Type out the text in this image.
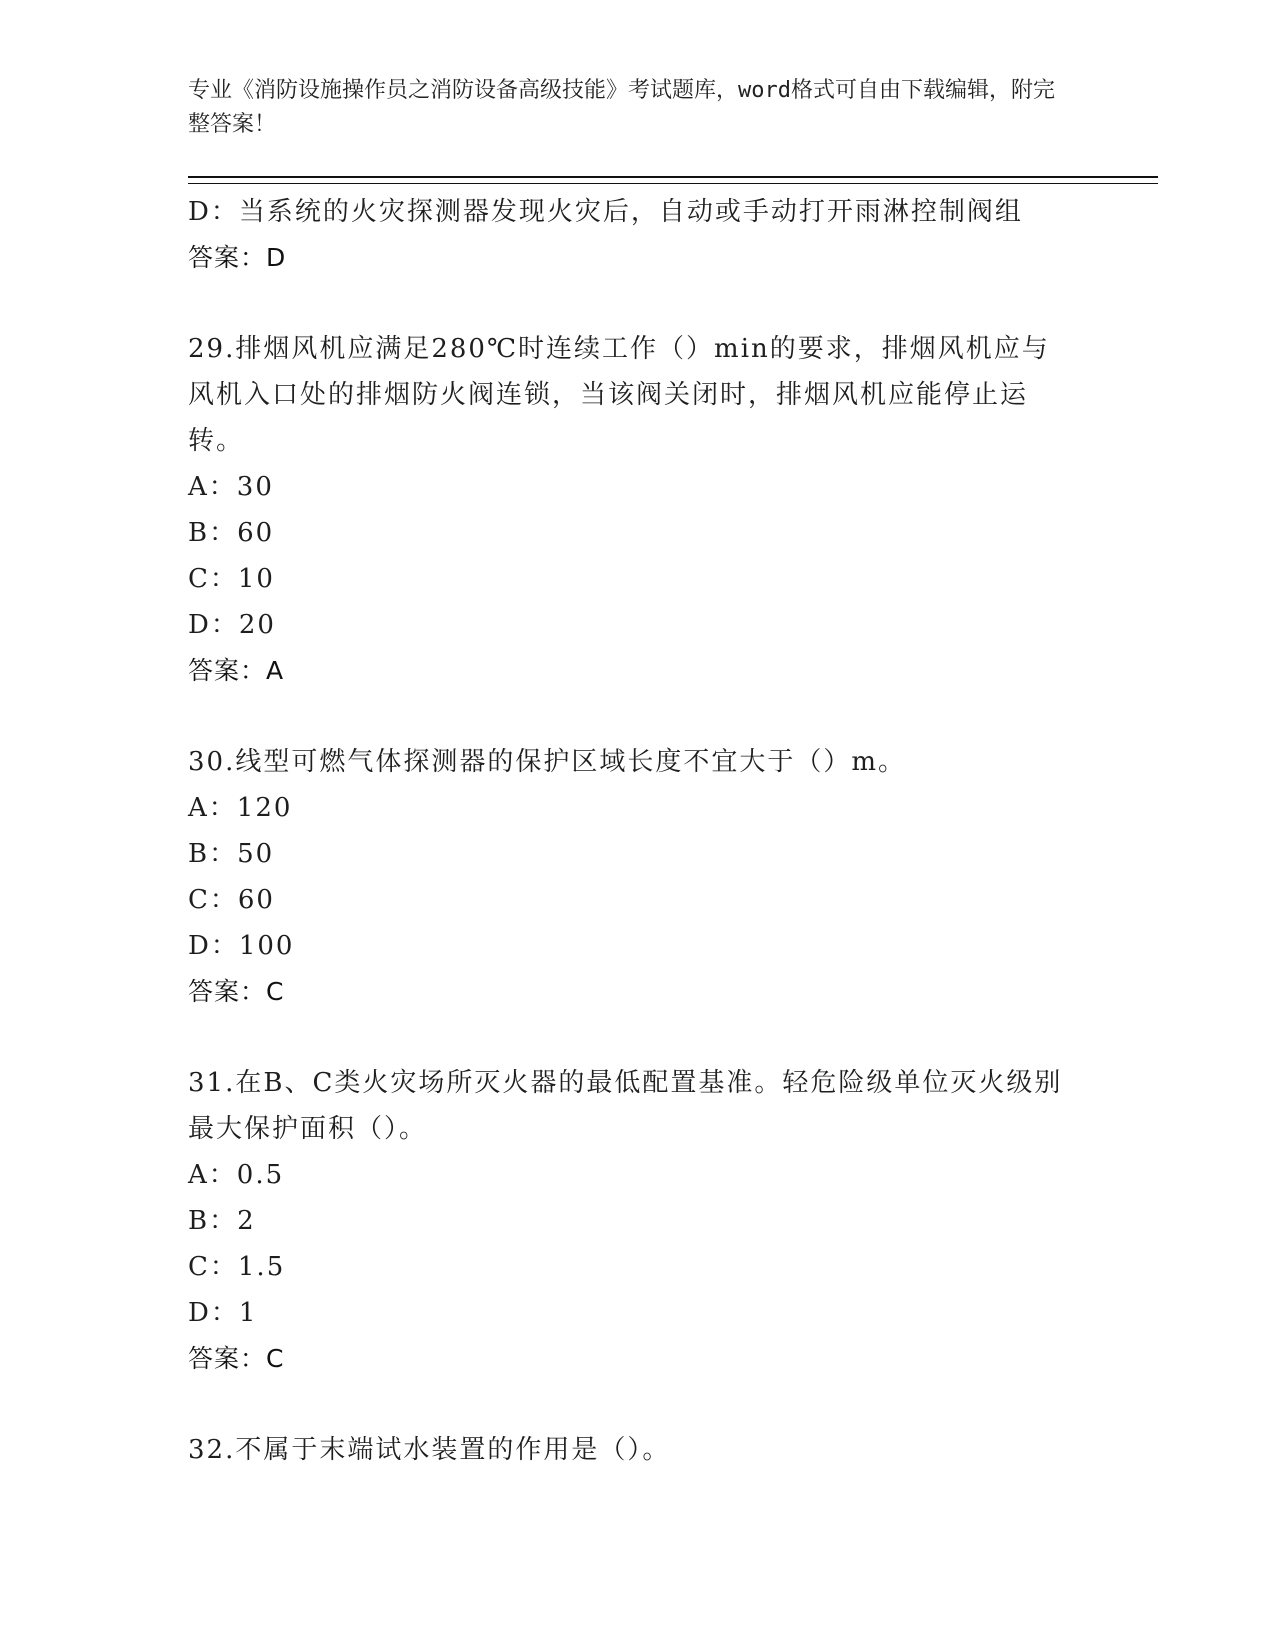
专业《消防设施操作员之消防设备高级技能》考试题库，word格式可自由下载编辑，附完整答案！
D：当系统的火灾探测器发现火灾后，自动或手动打开雨淋控制阀组
答案：D
29.排烟风机应满足280℃时连续工作（）min的要求，排烟风机应与风机入口处的排烟防火阀连锁，当该阀关闭时，排烟风机应能停止运转。
A：30
B：60
C：10
D：20
答案：A
30.线型可燃气体探测器的保护区域长度不宜大于（）m。
A：120
B：50
C：60
D：100
答案：C
31.在B、C类火灾场所灭火器的最低配置基准。轻危险级单位灭火级别最大保护面积（）。
A：0.5
B：2
C：1.5
D：1
答案：C
32.不属于末端试水装置的作用是（）。
